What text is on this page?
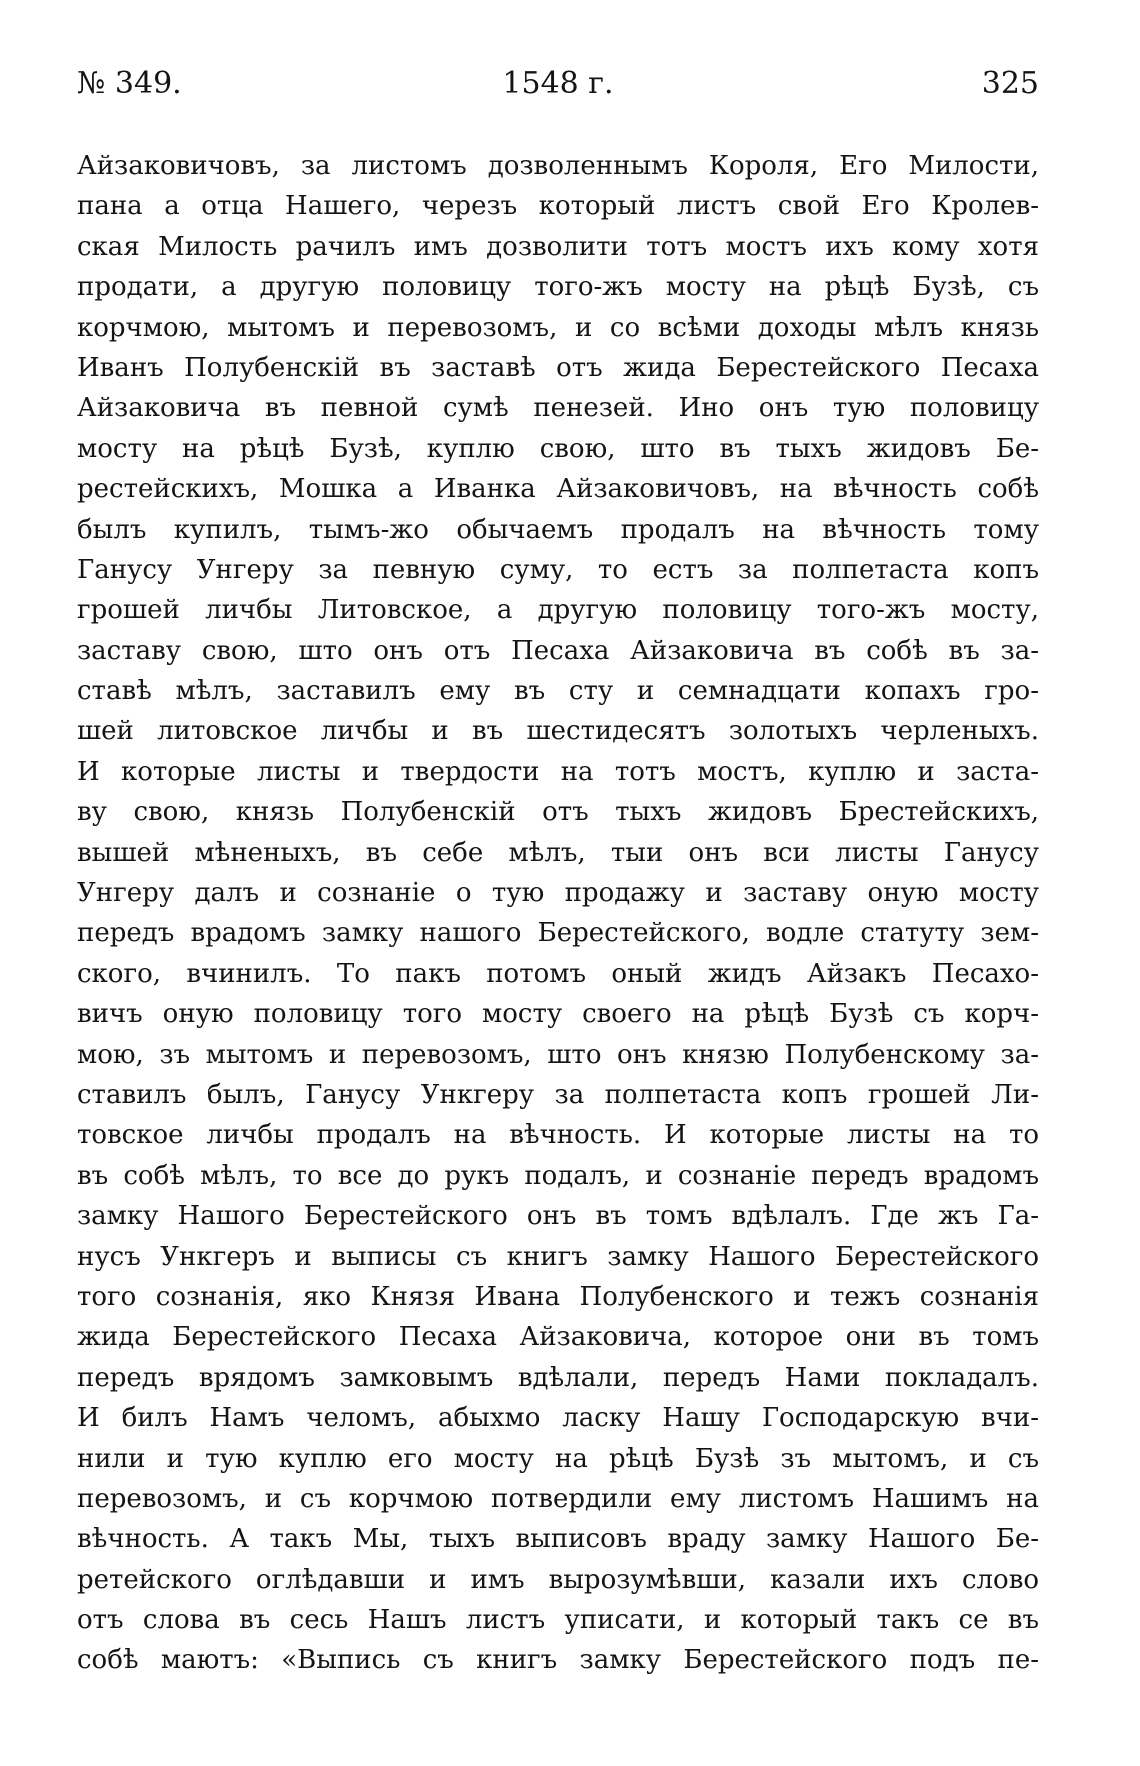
№ 349.	1548 г.	325
Айзаковичовъ, за листомъ дозволеннымъ Короля, Его Милости,
пана а отца Нашего, черезъ который листъ свой Его Кролев-
ская Милость рачилъ имъ дозволити тотъ мостъ ихъ кому хотя
продати, а другую половицу того-жъ мосту на рѣцѣ Бузѣ, съ
корчмою, мытомъ и перевозомъ, и со всѣми доходы мѣлъ князь
Иванъ Полубенскій въ заставѣ отъ жида Берестейского Песаха
Айзаковича въ певной сумѣ пенезей. Ино онъ тую половицу
мосту на рѣцѣ Бузѣ, куплю свою, што въ тыхъ жидовъ Бе-
рестейскихъ, Мошка а Иванка Айзаковичовъ, на вѣчность собѣ
былъ купилъ, тымъ-жо обычаемъ продалъ на вѣчность тому
Ганусу Унгеру за певную суму, то естъ за полпетаста копъ
грошей личбы Литовское, а другую половицу того-жъ мосту,
заставу свою, што онъ отъ Песаха Айзаковича въ собѣ въ за-
ставѣ мѣлъ, заставилъ ему въ сту и семнадцати копахъ гро-
шей литовское личбы и въ шестидесятъ золотыхъ черленыхъ.
И которые листы и твердости на тотъ мостъ, куплю и заста-
ву свою, князь Полубенскій отъ тыхъ жидовъ Брестейскихъ,
вышей мѣненыхъ, въ себе мѣлъ, тыи онъ вси листы Ганусу
Унгеру далъ и сознаніе о тую продажу и заставу оную мосту
передъ врадомъ замку нашого Берестейского, водле статуту зем-
ского, вчинилъ. То пакъ потомъ оный жидъ Айзакъ Песахо-
вичъ оную половицу того мосту своего на рѣцѣ Бузѣ съ корч-
мою, зъ мытомъ и перевозомъ, што онъ князю Полубенскому за-
ставилъ былъ, Ганусу Ункгеру за полпетаста копъ грошей Ли-
товское личбы продалъ на вѣчность. И которые листы на то
въ собѣ мѣлъ, то все до рукъ подалъ, и сознаніе передъ врадомъ
замку Нашого Берестейского онъ въ томъ вдѣлалъ. Где жъ Га-
нусъ Ункгеръ и выписы съ книгъ замку Нашого Берестейского
того сознанія, яко Князя Ивана Полубенского и тежъ сознанія
жида Берестейского Песаха Айзаковича, которое они въ томъ
передъ врядомъ замковымъ вдѣлали, передъ Нами покладалъ.
И билъ Намъ челомъ, абыхмо ласку Нашу Господарскую вчи-
нили и тую куплю его мосту на рѣцѣ Бузѣ зъ мытомъ, и съ
перевозомъ, и съ корчмою потвердили ему листомъ Нашимъ на
вѣчность. А такъ Мы, тыхъ выписовъ враду замку Нашого Бе-
ретейского оглѣдавши и имъ вырозумѣвши, казали ихъ слово
отъ слова въ сесь Нашъ листъ уписати, и который такъ се въ
собѣ маютъ: «Выпись съ книгъ замку Берестейского подъ пе-
